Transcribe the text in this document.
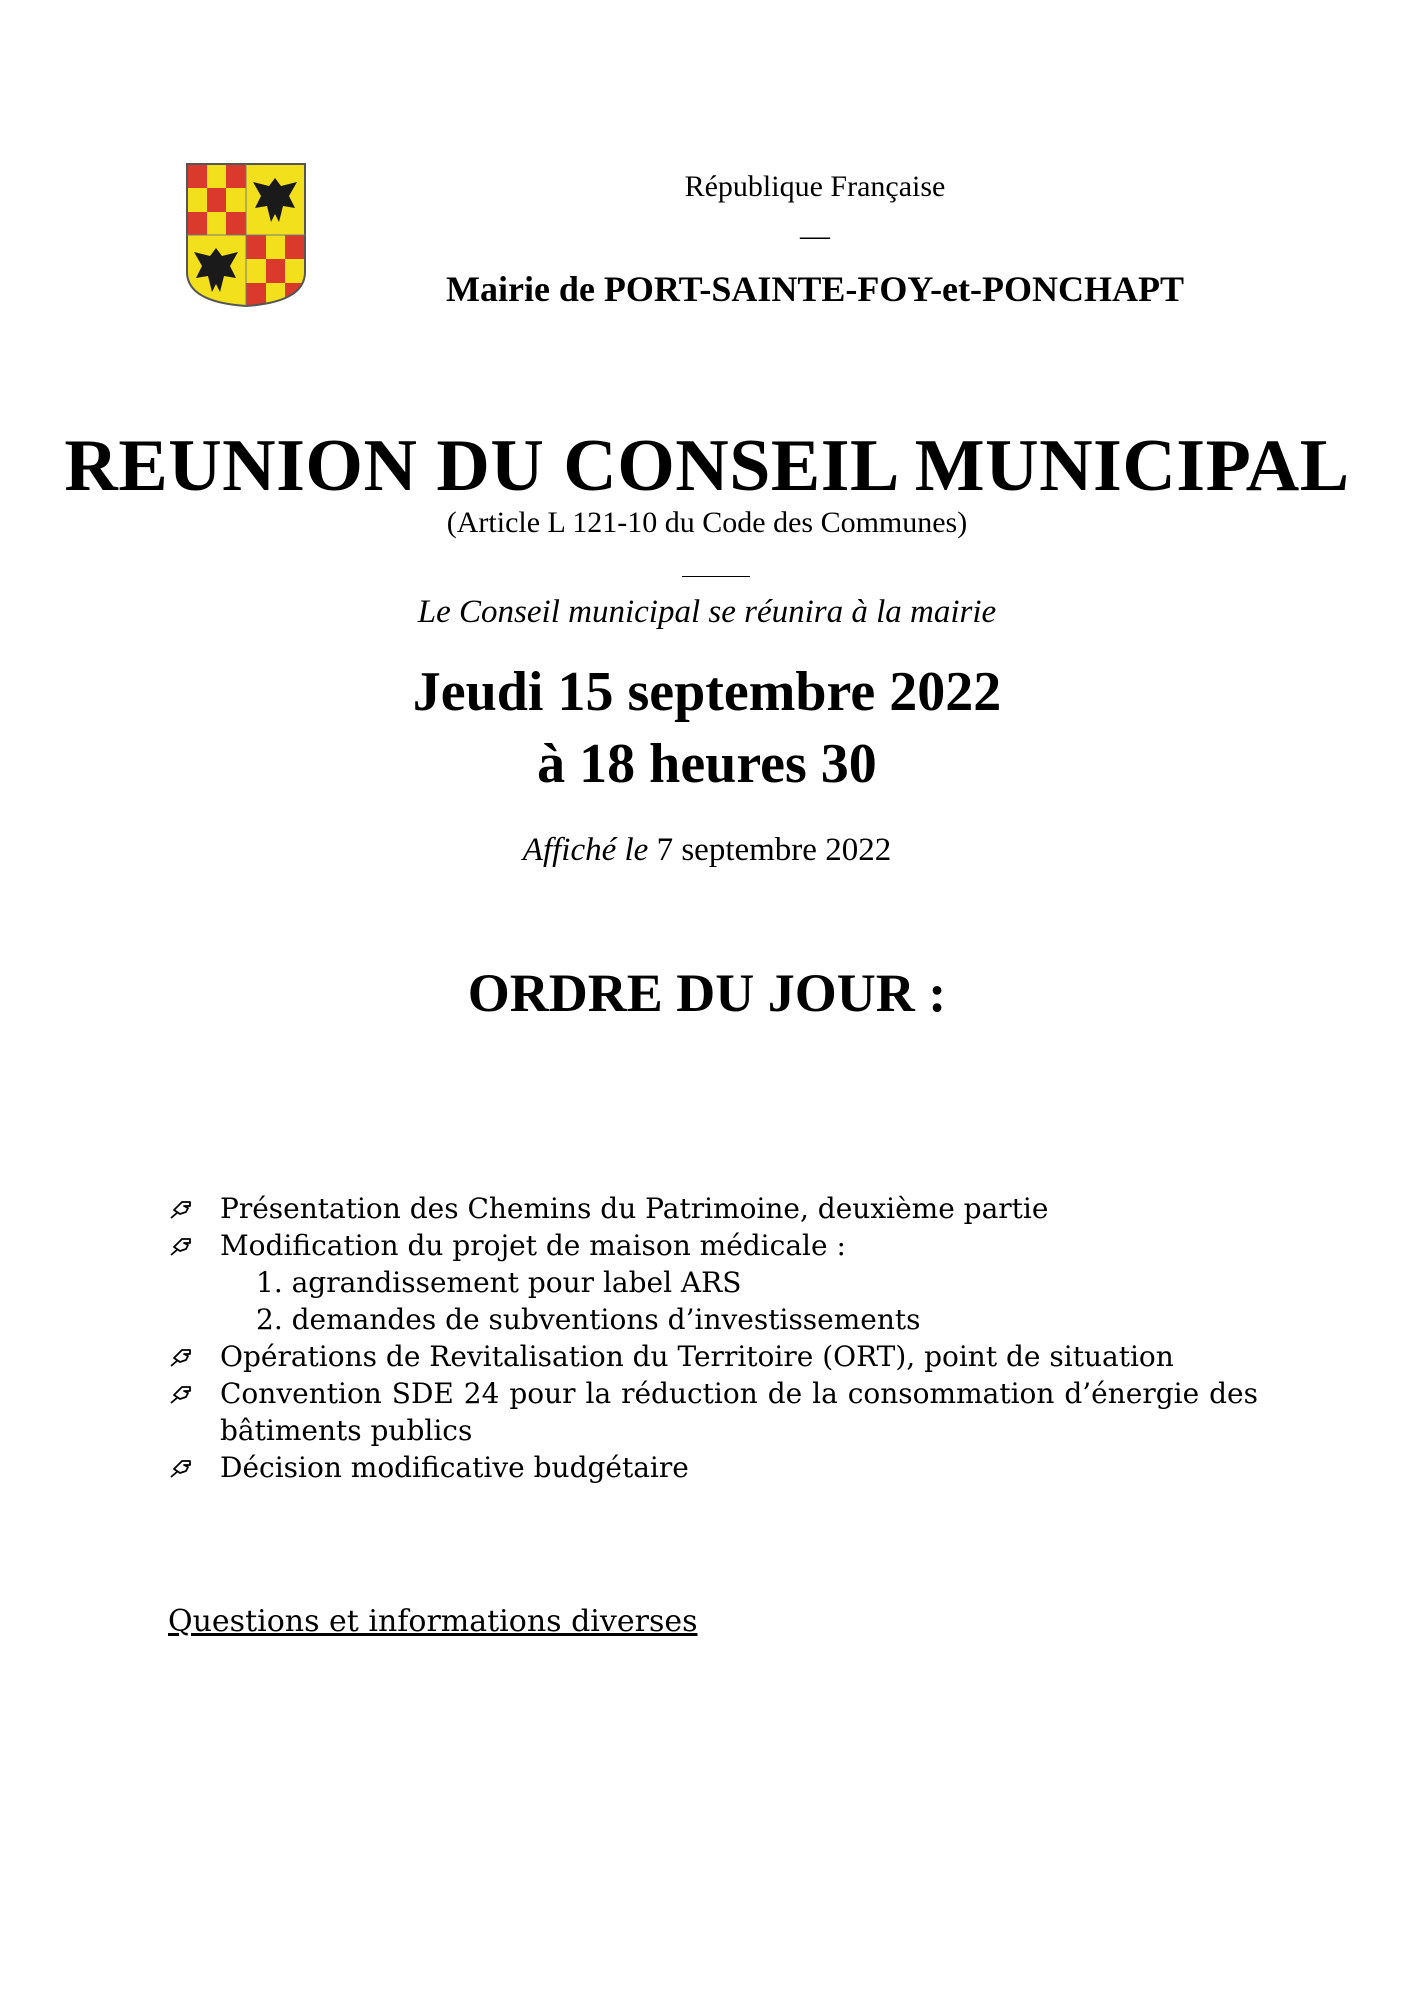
République Française
—
Mairie de PORT-SAINTE-FOY-et-PONCHAPT
REUNION DU CONSEIL MUNICIPAL
(Article L 121-10 du Code des Communes)
Le Conseil municipal se réunira à la mairie
Jeudi 15 septembre 2022
à 18 heures 30
Affiché le 7 septembre 2022
ORDRE DU JOUR :
Présentation des Chemins du Patrimoine, deuxième partie
Modification du projet de maison médicale :
1. agrandissement pour label ARS
2. demandes de subventions d’investissements
Opérations de Revitalisation du Territoire (ORT), point de situation
Convention SDE 24 pour la réduction de la consommation d’énergie des bâtiments publics
Décision modificative budgétaire
Questions et informations diverses
